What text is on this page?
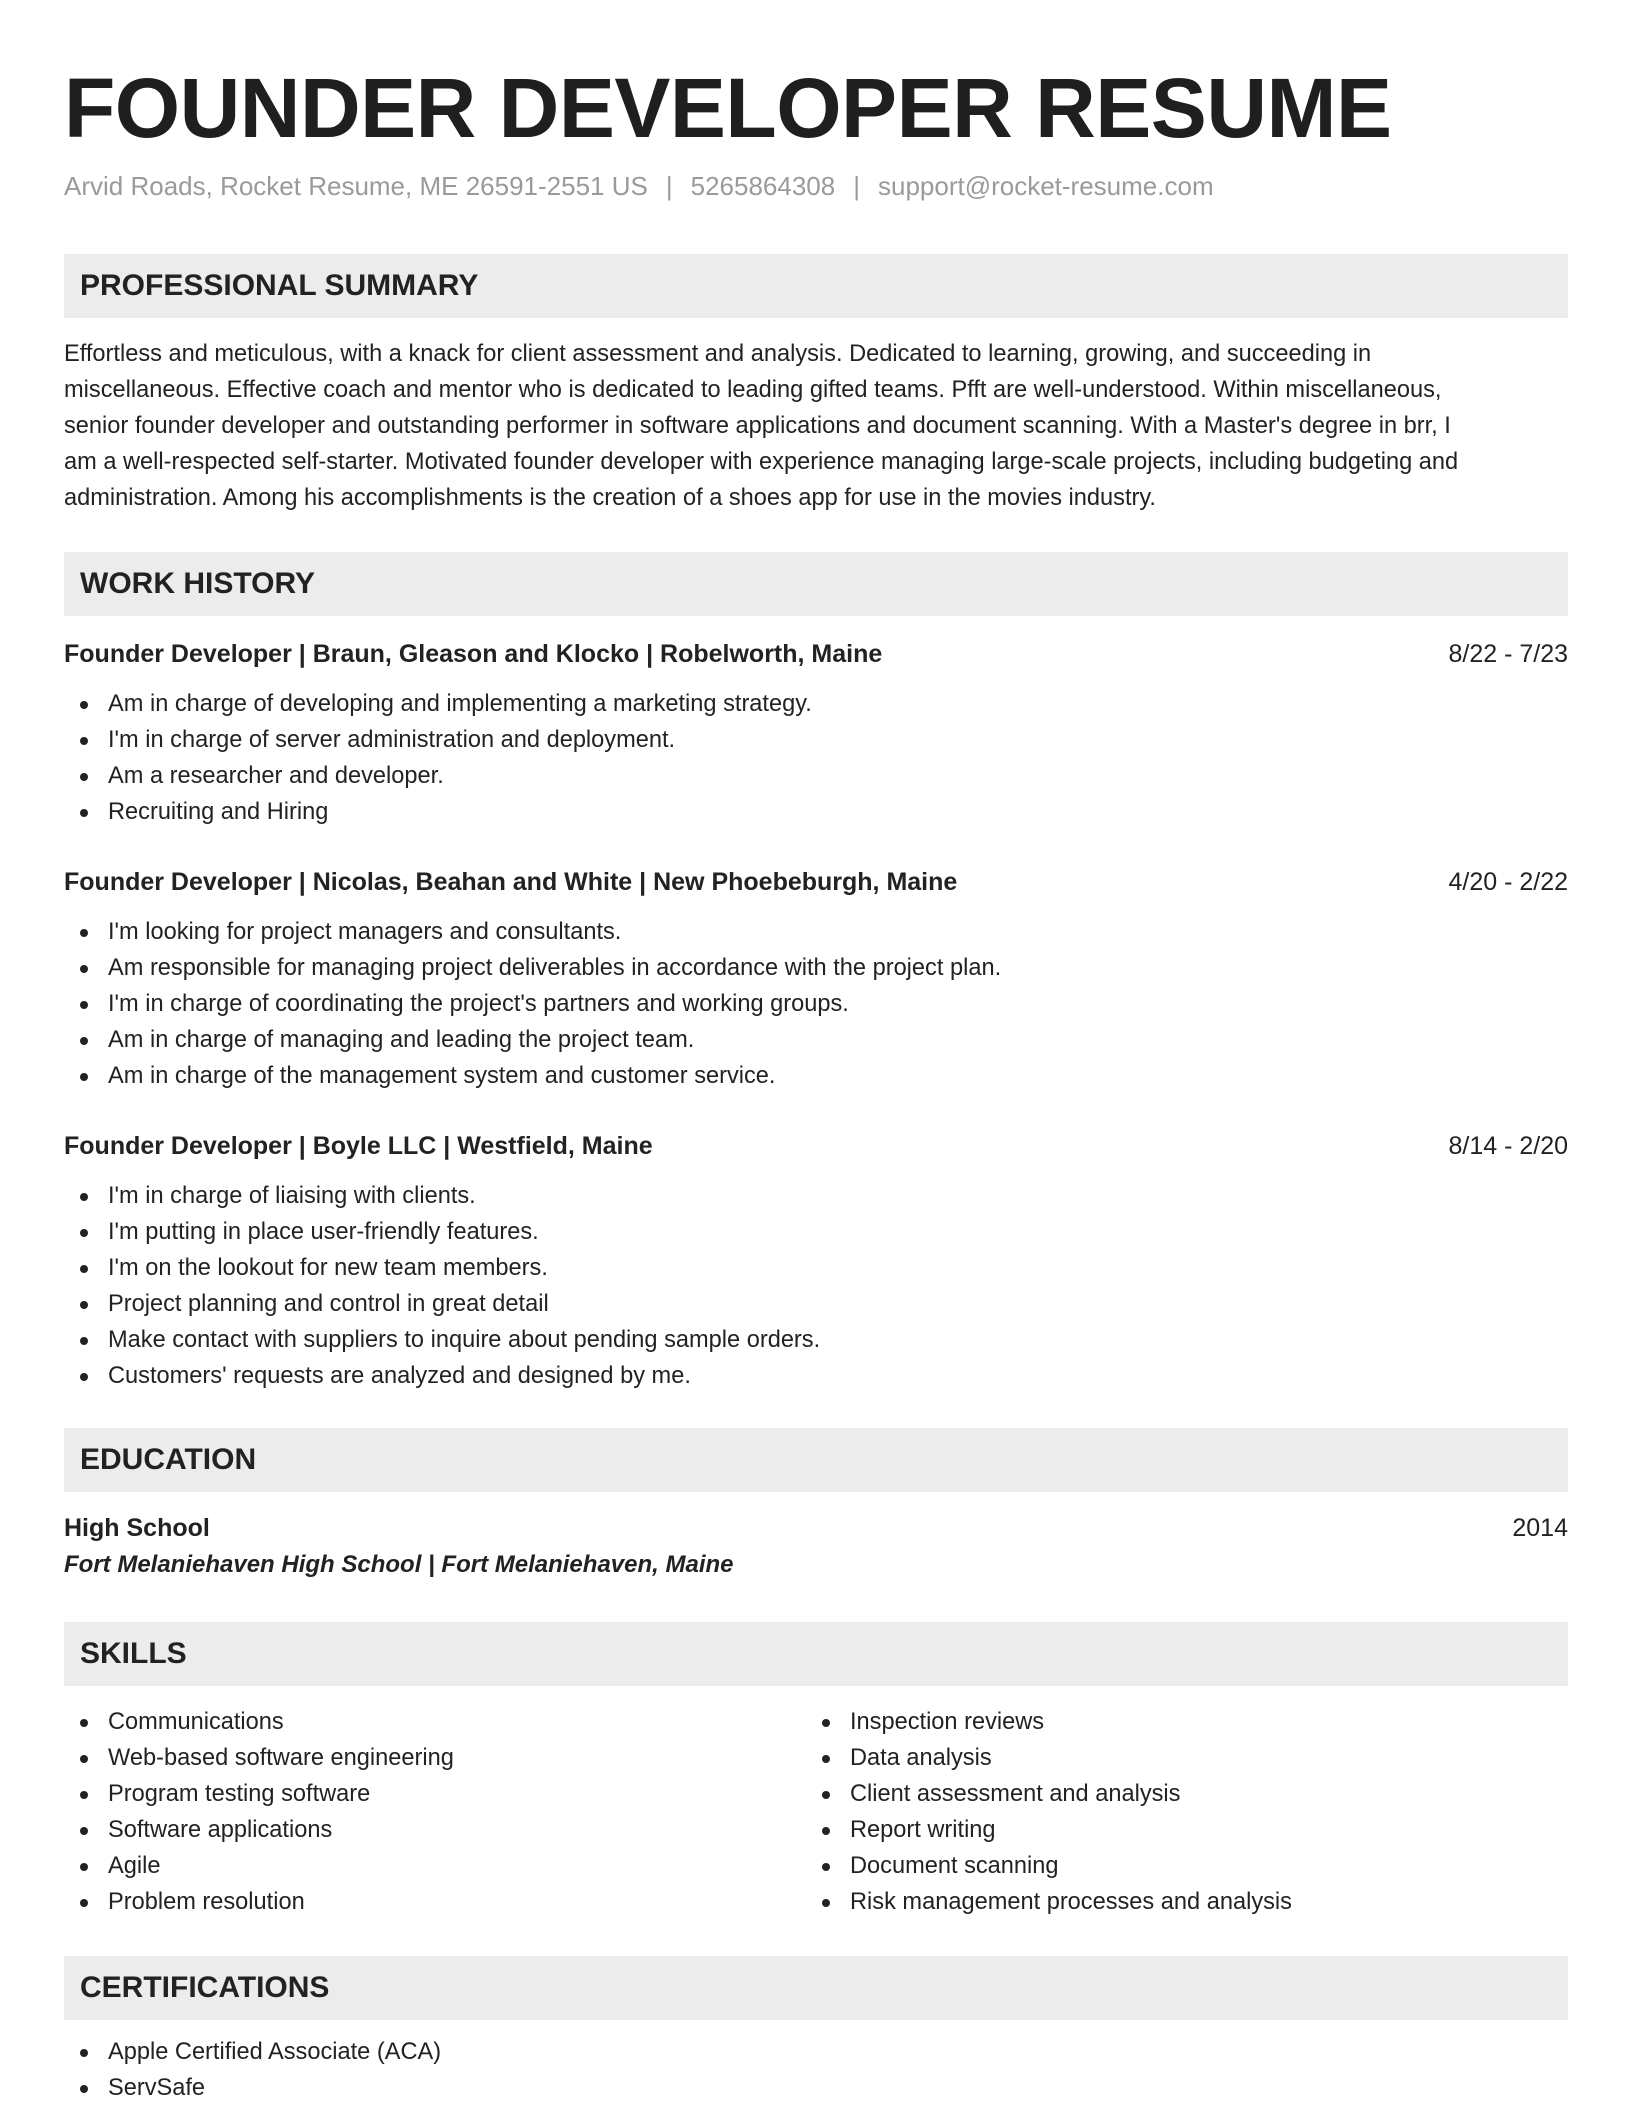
FOUNDER DEVELOPER RESUME
Arvid Roads, Rocket Resume, ME 26591-2551 US | 5265864308 | support@rocket-resume.com
PROFESSIONAL SUMMARY
Effortless and meticulous, with a knack for client assessment and analysis. Dedicated to learning, growing, and succeeding in
miscellaneous. Effective coach and mentor who is dedicated to leading gifted teams. Pfft are well-understood. Within miscellaneous,
senior founder developer and outstanding performer in software applications and document scanning. With a Master's degree in brr, I
am a well-respected self-starter. Motivated founder developer with experience managing large-scale projects, including budgeting and
administration. Among his accomplishments is the creation of a shoes app for use in the movies industry.
WORK HISTORY
Founder Developer | Braun, Gleason and Klocko | Robelworth, Maine	8/22 - 7/23
Am in charge of developing and implementing a marketing strategy.
I'm in charge of server administration and deployment.
Am a researcher and developer.
Recruiting and Hiring
Founder Developer | Nicolas, Beahan and White | New Phoebeburgh, Maine	4/20 - 2/22
I'm looking for project managers and consultants.
Am responsible for managing project deliverables in accordance with the project plan.
I'm in charge of coordinating the project's partners and working groups.
Am in charge of managing and leading the project team.
Am in charge of the management system and customer service.
Founder Developer | Boyle LLC | Westfield, Maine	8/14 - 2/20
I'm in charge of liaising with clients.
I'm putting in place user-friendly features.
I'm on the lookout for new team members.
Project planning and control in great detail
Make contact with suppliers to inquire about pending sample orders.
Customers' requests are analyzed and designed by me.
EDUCATION
High School	2014
Fort Melaniehaven High School | Fort Melaniehaven, Maine
SKILLS
Communications
Web-based software engineering
Program testing software
Software applications
Agile
Problem resolution
Inspection reviews
Data analysis
Client assessment and analysis
Report writing
Document scanning
Risk management processes and analysis
CERTIFICATIONS
Apple Certified Associate (ACA)
ServSafe
